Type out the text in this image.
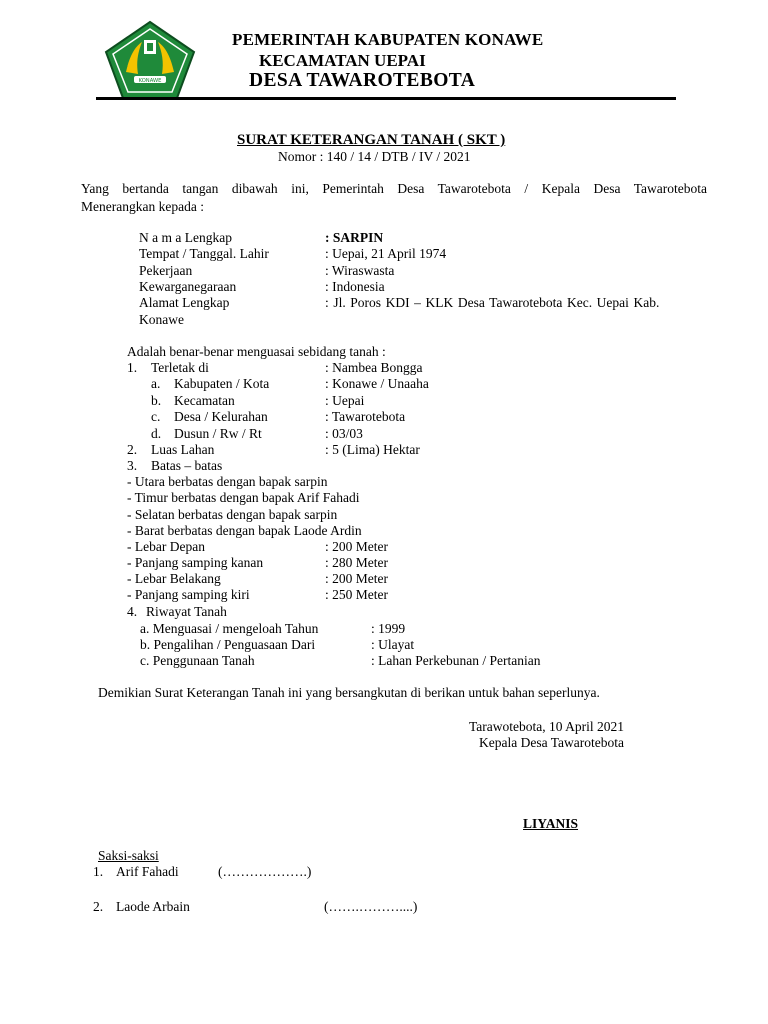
KONAWE
PEMERINTAH KABUPATEN KONAWE
KECAMATAN UEPAI
DESA TAWAROTEBOTA
SURAT KETERANGAN TANAH ( SKT )
Nomor : 140 / 14 / DTB / IV / 2021
Yang bertanda tangan dibawah ini, Pemerintah Desa Tawarotebota / Kepala Desa Tawarotebota
Menerangkan kepada :
N a m a Lengkap	: SARPIN
Tempat / Tanggal. Lahir	: Uepai, 21 April 1974
Pekerjaan	: Wiraswasta
Kewarganegaraan	: Indonesia
Alamat Lengkap	: Jl. Poros KDI – KLK Desa Tawarotebota Kec. Uepai Kab.
Konawe
Adalah benar-benar menguasai sebidang tanah :
1. Terletak di	: Nambea Bongga
a. Kabupaten / Kota	: Konawe / Unaaha
b. Kecamatan	: Uepai
c. Desa / Kelurahan	: Tawarotebota
d. Dusun / Rw / Rt	: 03/03
2. Luas Lahan	: 5 (Lima) Hektar
3. Batas – batas
- Utara berbatas dengan bapak sarpin
- Timur berbatas dengan bapak Arif Fahadi
- Selatan berbatas dengan bapak sarpin
- Barat berbatas dengan bapak Laode Ardin
- Lebar Depan	: 200 Meter
- Panjang samping kanan	: 280 Meter
- Lebar Belakang	: 200 Meter
- Panjang samping kiri	: 250 Meter
4. Riwayat Tanah
a. Menguasai / mengeloah Tahun	: 1999
b. Pengalihan / Penguasaan Dari	: Ulayat
c. Penggunaan Tanah	: Lahan Perkebunan / Pertanian
Demikian Surat Keterangan Tanah ini yang bersangkutan di berikan untuk bahan seperlunya.
Tarawotebota, 10 April 2021
Kepala Desa Tawarotebota
LIYANIS
Saksi-saksi
1. Arif Fahadi	(……………….)
2. Laode Arbain	(…….………....)
